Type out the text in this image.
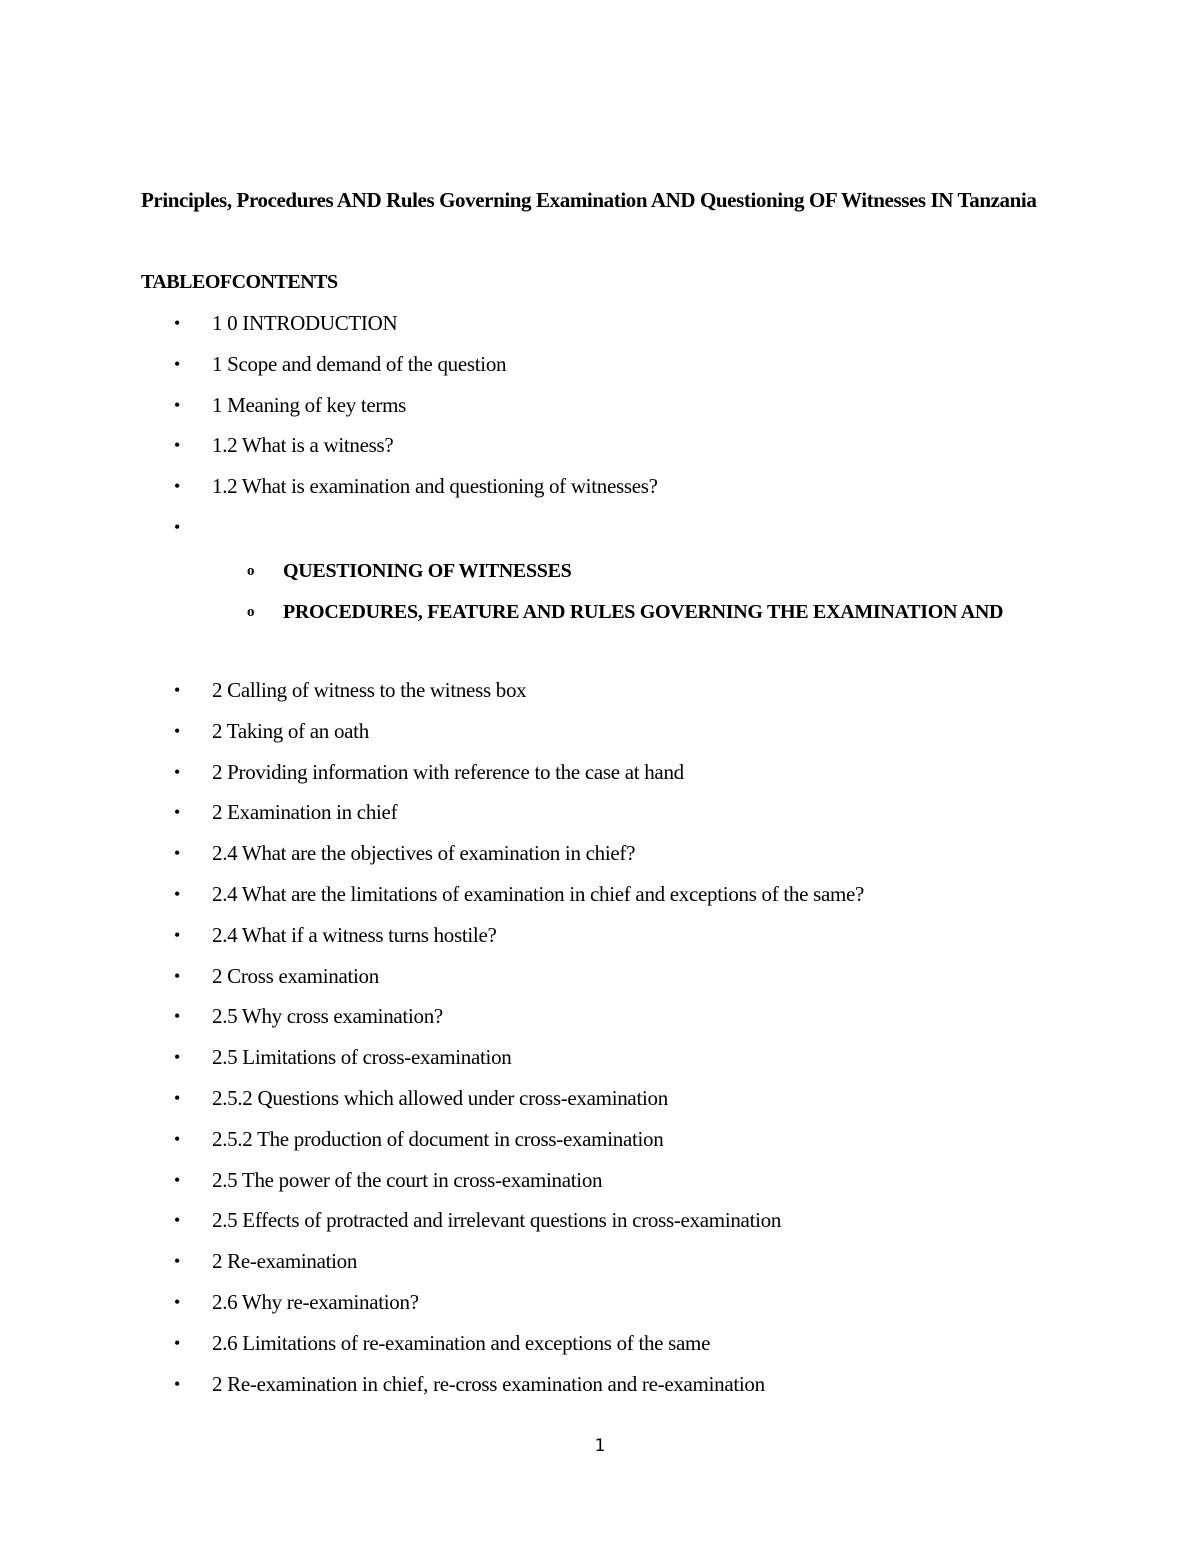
Principles, Procedures AND Rules Governing Examination AND Questioning OF Witnesses IN Tanzania
TABLEOFCONTENTS
• 1 0 INTRODUCTION
• 1 Scope and demand of the question
• 1 Meaning of key terms
• 1.2 What is a witness?
• 1.2 What is examination and questioning of witnesses?
•
o QUESTIONING OF WITNESSES
o PROCEDURES, FEATURE AND RULES GOVERNING THE EXAMINATION AND
• 2 Calling of witness to the witness box
• 2 Taking of an oath
• 2 Providing information with reference to the case at hand
• 2 Examination in chief
• 2.4 What are the objectives of examination in chief?
• 2.4 What are the limitations of examination in chief and exceptions of the same?
• 2.4 What if a witness turns hostile?
• 2 Cross examination
• 2.5 Why cross examination?
• 2.5 Limitations of cross-examination
• 2.5.2 Questions which allowed under cross-examination
• 2.5.2 The production of document in cross-examination
• 2.5 The power of the court in cross-examination
• 2.5 Effects of protracted and irrelevant questions in cross-examination
• 2 Re-examination
• 2.6 Why re-examination?
• 2.6 Limitations of re-examination and exceptions of the same
• 2 Re-examination in chief, re-cross examination and re-examination
1
